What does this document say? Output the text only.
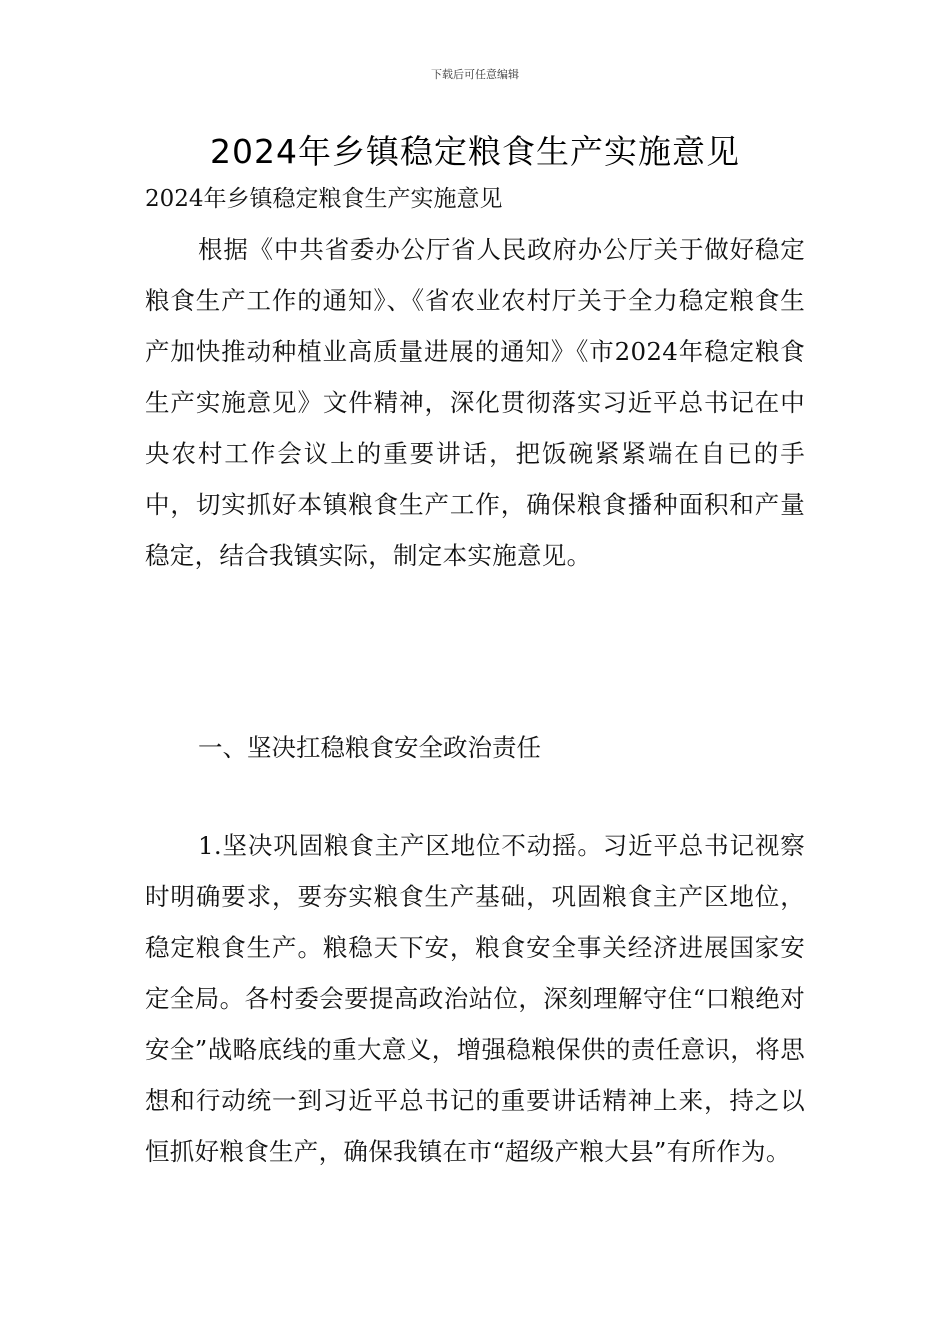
下载后可任意编辑
2024年乡镇稳定粮食生产实施意见
2024年乡镇稳定粮食生产实施意见
根据《中共省委办公厅省人民政府办公厅关于做好稳定粮食生产工作的通知》、《省农业农村厅关于全力稳定粮食生产加快推动种植业高质量进展的通知》《市2024年稳定粮食生产实施意见》文件精神，深化贯彻落实习近平总书记在中央农村工作会议上的重要讲话，把饭碗紧紧端在自已的手中，切实抓好本镇粮食生产工作，确保粮食播种面积和产量稳定，结合我镇实际，制定本实施意见。
一、坚决扛稳粮食安全政治责任
1.坚决巩固粮食主产区地位不动摇。习近平总书记视察时明确要求，要夯实粮食生产基础，巩固粮食主产区地位，稳定粮食生产。粮稳天下安，粮食安全事关经济进展国家安定全局。各村委会要提高政治站位，深刻理解守住“口粮绝对安全”战略底线的重大意义，增强稳粮保供的责任意识，将思想和行动统一到习近平总书记的重要讲话精神上来，持之以恒抓好粮食生产，确保我镇在市“超级产粮大县”有所作为。
